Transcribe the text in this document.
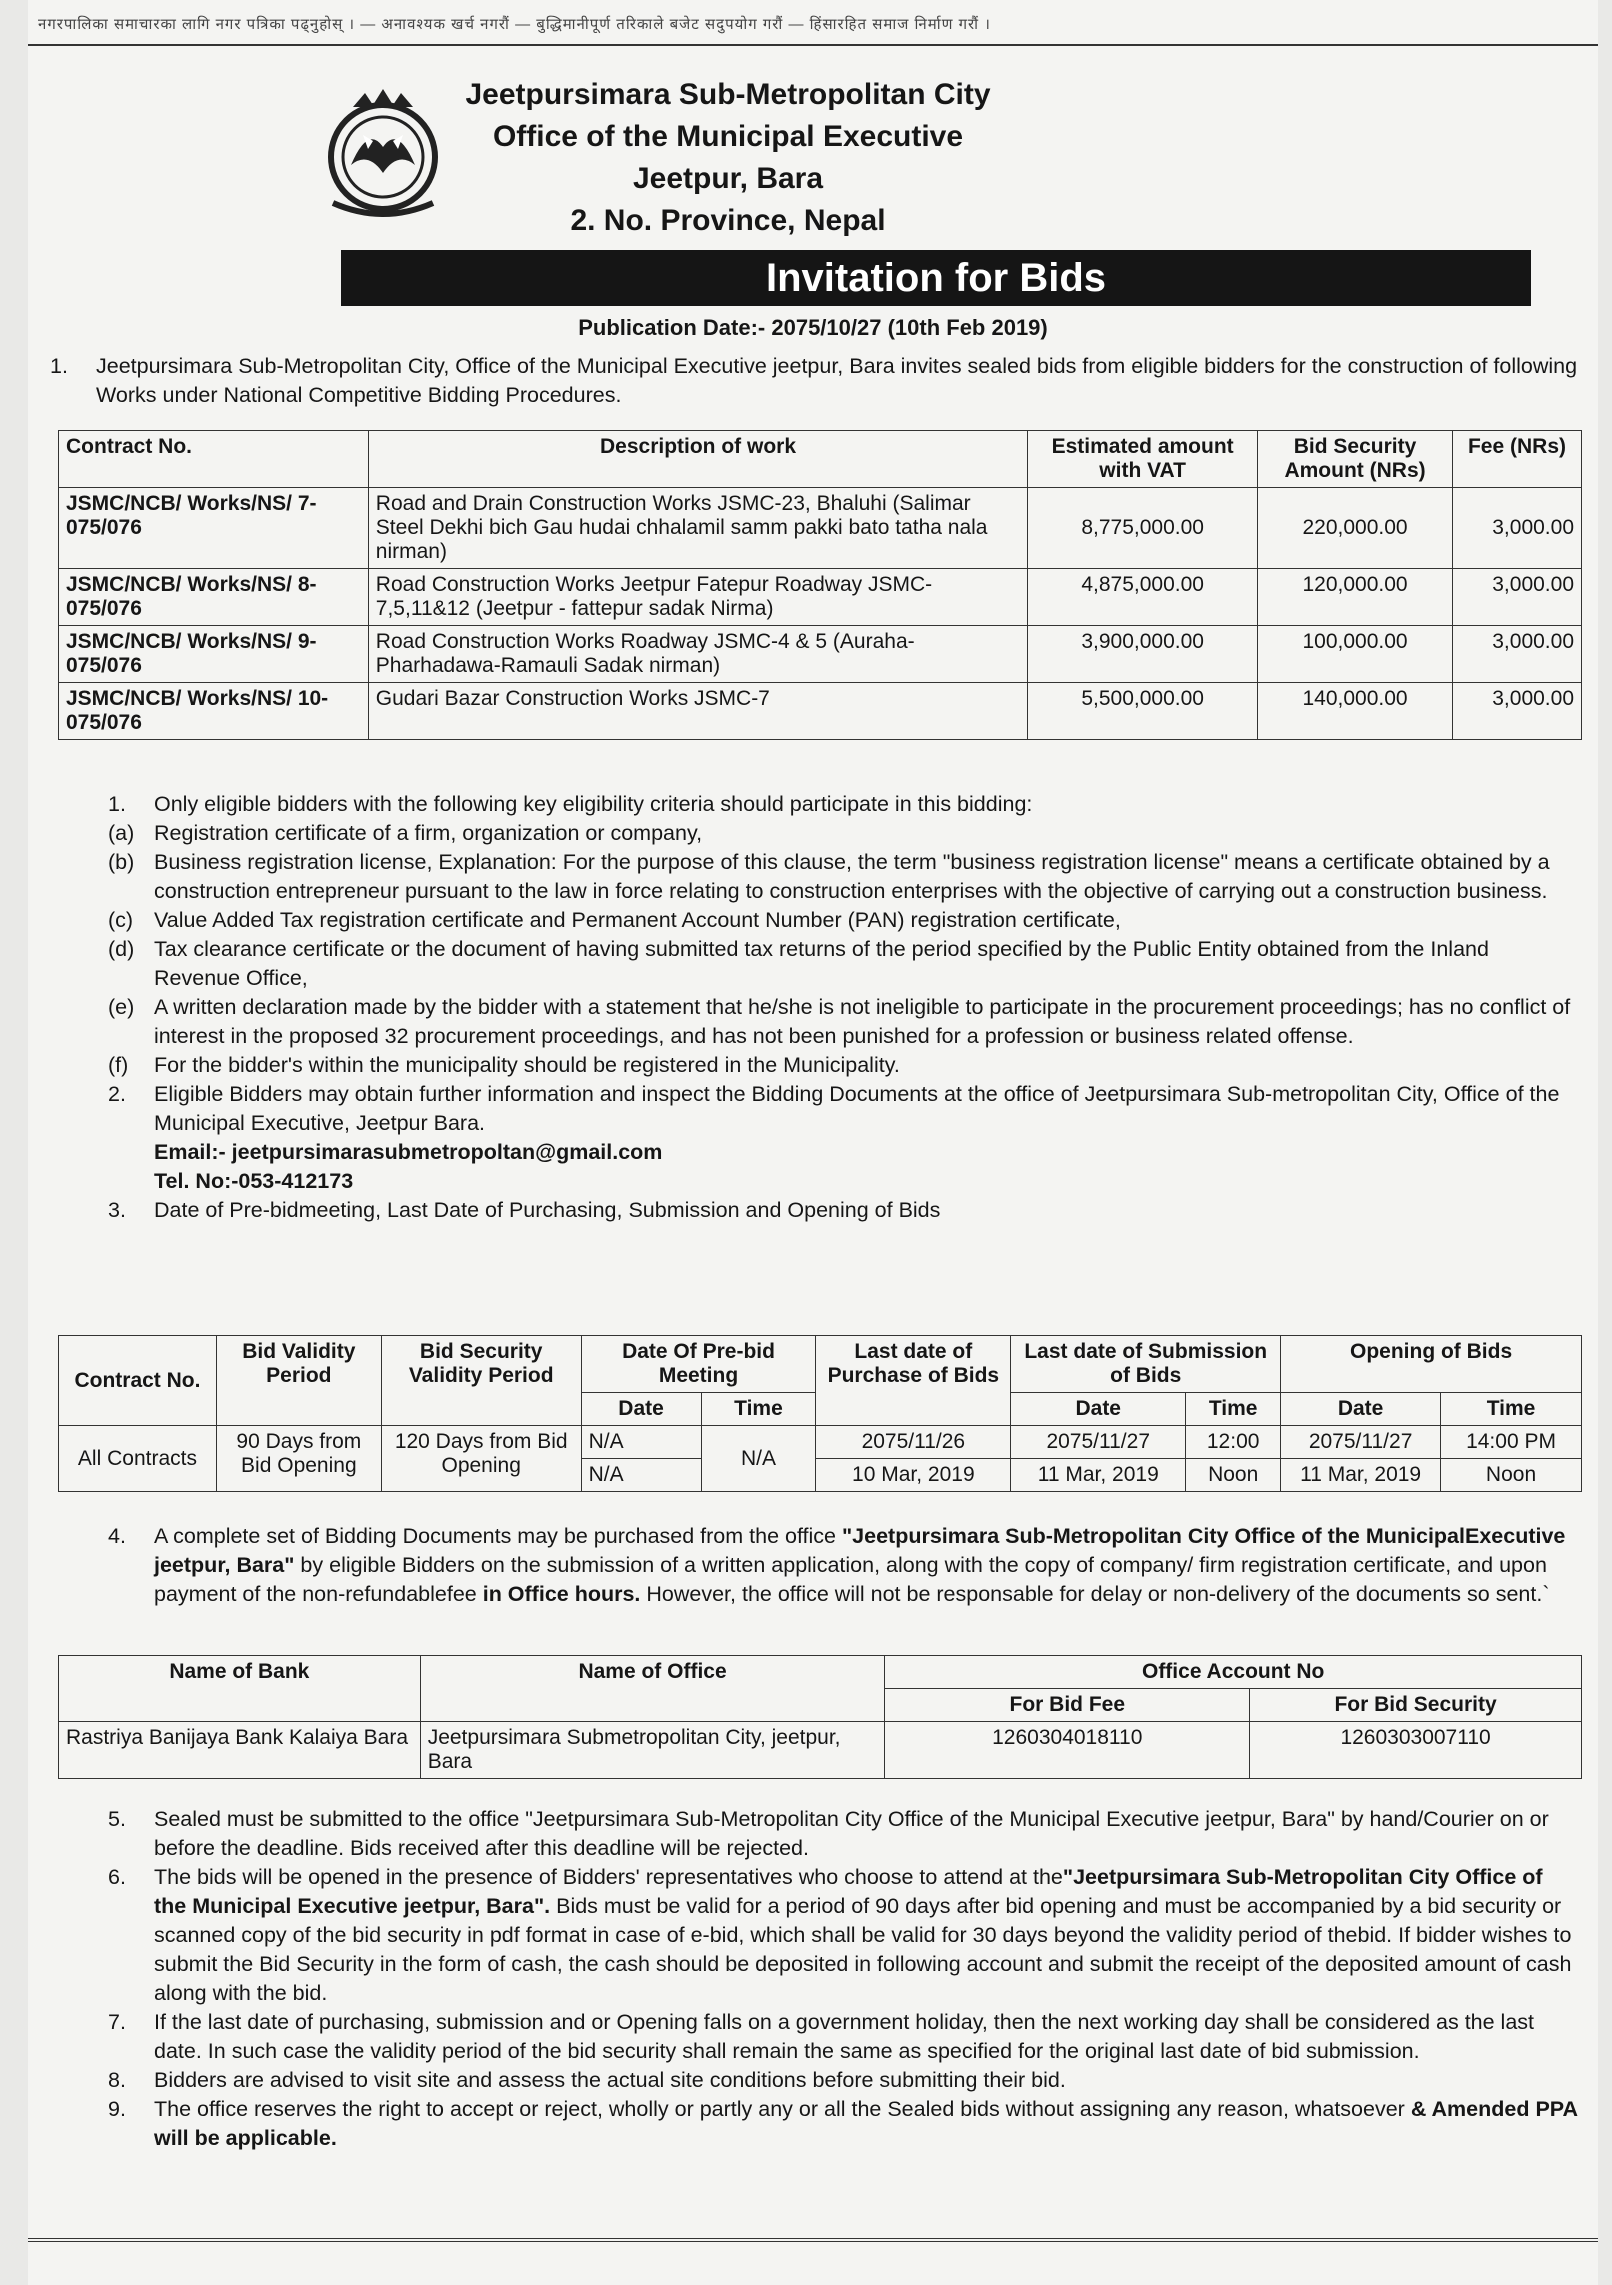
नगरपालिका समाचारका लागि नगर पत्रिका पढ्नुहोस् । — अनावश्यक खर्च नगरौं — बुद्धिमानीपूर्ण तरिकाले बजेट सदुपयोग गरौं — हिंसारहित समाज निर्माण गरौं ।
Jeetpursimara Sub-Metropolitan City
Office of the Municipal Executive
Jeetpur, Bara
2. No. Province, Nepal
Invitation for Bids
Publication Date:- 2075/10/27 (10th Feb 2019)
1.	Jeetpursimara Sub-Metropolitan City, Office of the Municipal Executive jeetpur, Bara invites sealed bids from eligible bidders for the construction of following Works under National Competitive Bidding Procedures.
Contract No.	Description of work	Estimated amount with VAT	Bid Security Amount (NRs)	Fee (NRs)
JSMC/NCB/ Works/NS/ 7-075/076	Road and Drain Construction Works JSMC-23, Bhaluhi (Salimar Steel Dekhi bich Gau hudai chhalamil samm pakki bato tatha nala nirman)	8,775,000.00	220,000.00	3,000.00
JSMC/NCB/ Works/NS/ 8-075/076	Road Construction Works Jeetpur Fatepur Roadway JSMC-7,5,11&12 (Jeetpur - fattepur sadak Nirma)	4,875,000.00	120,000.00	3,000.00
JSMC/NCB/ Works/NS/ 9-075/076	Road Construction Works Roadway JSMC-4 & 5 (Auraha-Pharhadawa-Ramauli Sadak nirman)	3,900,000.00	100,000.00	3,000.00
JSMC/NCB/ Works/NS/ 10-075/076	Gudari Bazar Construction Works JSMC-7	5,500,000.00	140,000.00	3,000.00
1.	Only eligible bidders with the following key eligibility criteria should participate in this bidding:
(a) Registration certificate of a firm, organization or company,
(b) Business registration license, Explanation: For the purpose of this clause, the term "business registration license" means a certificate obtained by a construction entrepreneur pursuant to the law in force relating to construction enterprises with the objective of carrying out a construction business.
(c) Value Added Tax registration certificate and Permanent Account Number (PAN) registration certificate,
(d) Tax clearance certificate or the document of having submitted tax returns of the period specified by the Public Entity obtained from the Inland Revenue Office,
(e) A written declaration made by the bidder with a statement that he/she is not ineligible to participate in the procurement proceedings; has no conflict of interest in the proposed 32 procurement proceedings, and has not been punished for a profession or business related offense.
(f)	For the bidder's within the municipality should be registered in the Municipality.
2.	Eligible Bidders may obtain further information and inspect the Bidding Documents at the office of Jeetpursimara Sub-metropolitan City, Office of the Municipal Executive, Jeetpur Bara.
Email:- jeetpursimarasubmetropoltan@gmail.com
Tel. No:-053-412173
3.	Date of Pre-bidmeeting, Last Date of Purchasing, Submission and Opening of Bids
Contract No.	Bid Validity Period	Bid Security Validity Period	Date Of Pre-bid Meeting		Last date of Purchase of Bids	Last date of Submission of Bids		Opening of Bids	
			Date	Time		Date	Time	Date	Time
All Contracts	90 Days from Bid Opening	120 Days from Bid Opening	N/A	N/A	2075/11/26	2075/11/27	12:00	2075/11/27	14:00 PM
			N/A		10 Mar, 2019	11 Mar, 2019	Noon	11 Mar, 2019	Noon
4.	A complete set of Bidding Documents may be purchased from the office "Jeetpursimara Sub-Metropolitan City Office of the MunicipalExecutive jeetpur, Bara" by eligible Bidders on the submission of a written application, along with the copy of company/ firm registration certificate, and upon payment of the non-refundablefee in Office hours. However, the office will not be responsable for delay or non-delivery of the documents so sent.`
Name of Bank	Name of Office	Office Account No	
		For Bid Fee	For Bid Security
Rastriya Banijaya Bank Kalaiya Bara	Jeetpursimara Submetropolitan City, jeetpur, Bara	1260304018110	1260303007110
5.	Sealed must be submitted to the office "Jeetpursimara Sub-Metropolitan City Office of the Municipal Executive jeetpur, Bara" by hand/Courier on or before the deadline. Bids received after this deadline will be rejected.
6.	The bids will be opened in the presence of Bidders' representatives who choose to attend at the"Jeetpursimara Sub-Metropolitan City Office of the Municipal Executive jeetpur, Bara". Bids must be valid for a period of 90 days after bid opening and must be accompanied by a bid security or scanned copy of the bid security in pdf format in case of e-bid, which shall be valid for 30 days beyond the validity period of thebid. If bidder wishes to submit the Bid Security in the form of cash, the cash should be deposited in following account and submit the receipt of the deposited amount of cash along with the bid.
7.	If the last date of purchasing, submission and or Opening falls on a government holiday, then the next working day shall be considered as the last date. In such case the validity period of the bid security shall remain the same as specified for the original last date of bid submission.
8.	Bidders are advised to visit site and assess the actual site conditions before submitting their bid.
9.	The office reserves the right to accept or reject, wholly or partly any or all the Sealed bids without assigning any reason, whatsoever & Amended PPA will be applicable.
